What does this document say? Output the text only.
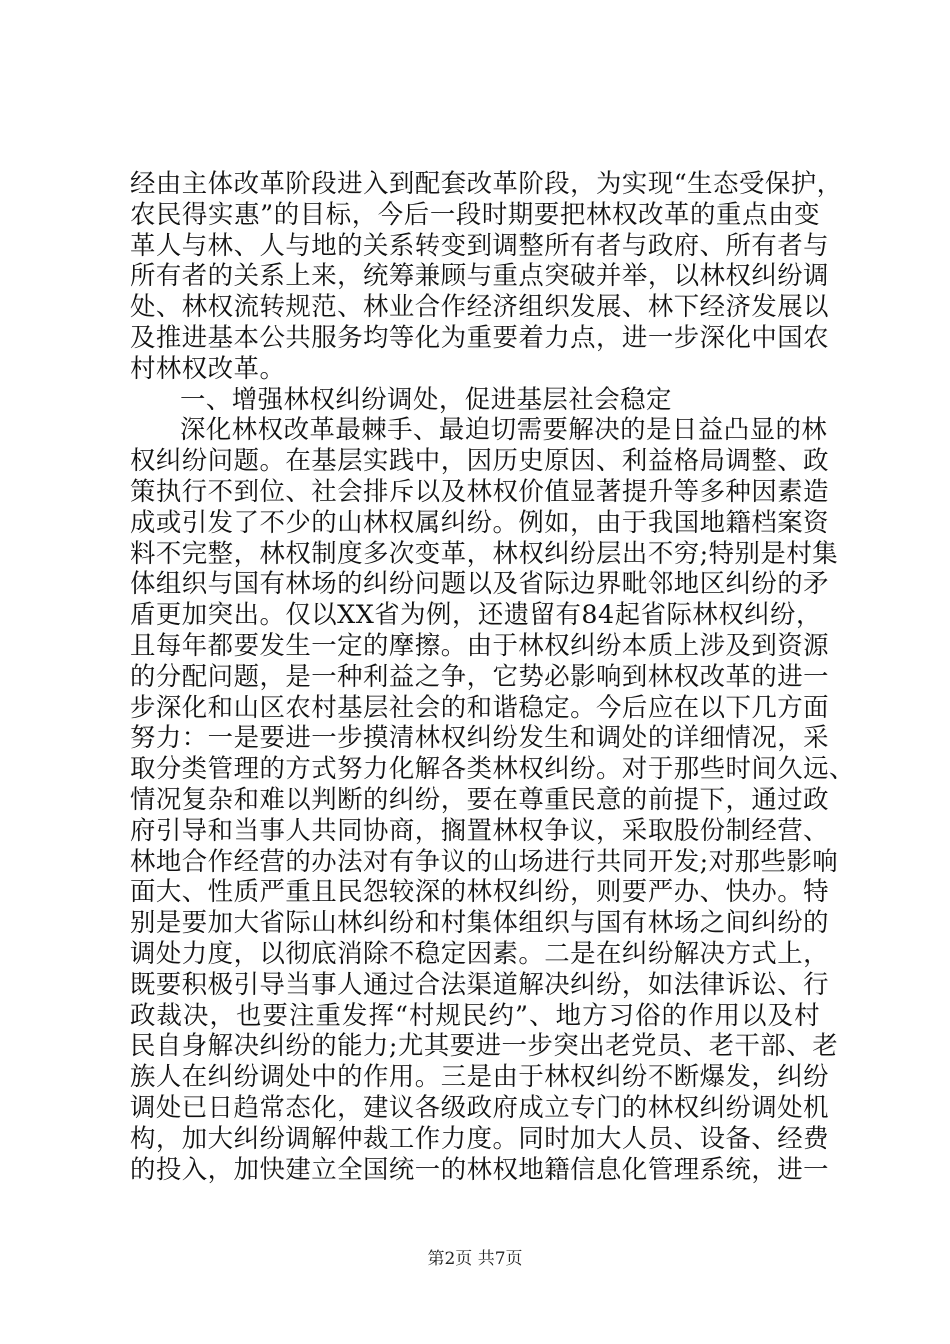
经由主体改革阶段进入到配套改革阶段，为实现“生态受保护，
农民得实惠”的目标，今后一段时期要把林权改革的重点由变
革人与林、人与地的关系转变到调整所有者与政府、所有者与
所有者的关系上来，统筹兼顾与重点突破并举，以林权纠纷调
处、林权流转规范、林业合作经济组织发展、林下经济发展以
及推进基本公共服务均等化为重要着力点，进一步深化中国农
村林权改革。
一、增强林权纠纷调处，促进基层社会稳定
深化林权改革最棘手、最迫切需要解决的是日益凸显的林
权纠纷问题。在基层实践中，因历史原因、利益格局调整、政
策执行不到位、社会排斥以及林权价值显著提升等多种因素造
成或引发了不少的山林权属纠纷。例如，由于我国地籍档案资
料不完整，林权制度多次变革，林权纠纷层出不穷;特别是村集
体组织与国有林场的纠纷问题以及省际边界毗邻地区纠纷的矛
盾更加突出。仅以XX省为例，还遗留有84起省际林权纠纷，
且每年都要发生一定的摩擦。由于林权纠纷本质上涉及到资源
的分配问题，是一种利益之争，它势必影响到林权改革的进一
步深化和山区农村基层社会的和谐稳定。今后应在以下几方面
努力：一是要进一步摸清林权纠纷发生和调处的详细情况，采
取分类管理的方式努力化解各类林权纠纷。对于那些时间久远、
情况复杂和难以判断的纠纷，要在尊重民意的前提下，通过政
府引导和当事人共同协商，搁置林权争议，采取股份制经营、
林地合作经营的办法对有争议的山场进行共同开发;对那些影响
面大、性质严重且民怨较深的林权纠纷，则要严办、快办。特
别是要加大省际山林纠纷和村集体组织与国有林场之间纠纷的
调处力度，以彻底消除不稳定因素。二是在纠纷解决方式上，
既要积极引导当事人通过合法渠道解决纠纷，如法律诉讼、行
政裁决，也要注重发挥“村规民约”、地方习俗的作用以及村
民自身解决纠纷的能力;尤其要进一步突出老党员、老干部、老
族人在纠纷调处中的作用。三是由于林权纠纷不断爆发，纠纷
调处已日趋常态化，建议各级政府成立专门的林权纠纷调处机
构，加大纠纷调解仲裁工作力度。同时加大人员、设备、经费
的投入，加快建立全国统一的林权地籍信息化管理系统，进一
第2页 共7页
